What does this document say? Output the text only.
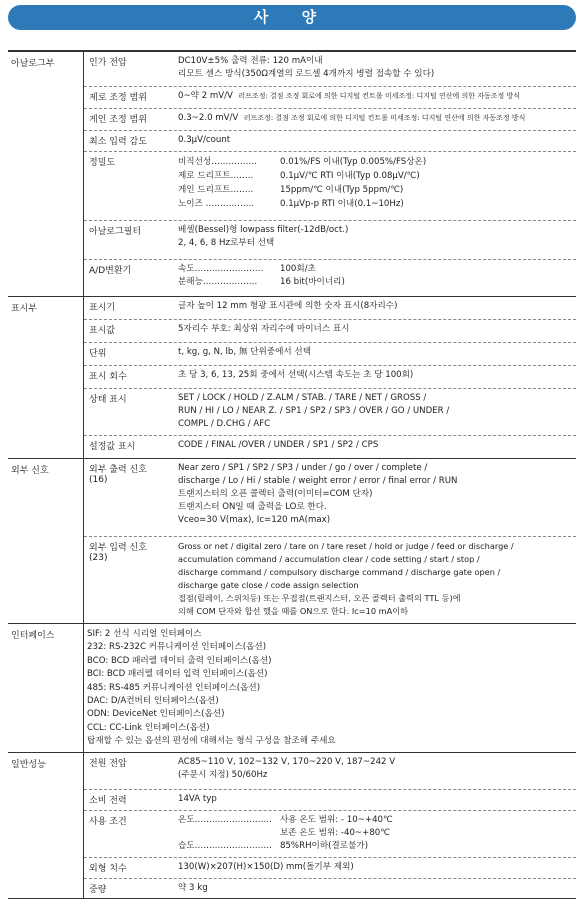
사 양
아날로그부	인가 전압	DC10V±5% 출력 전류: 120 mA이내
리모트 센스 방식(350Ω계열의 로드셀 4개까지 병렬 접속할 수 있다)
제로 조정 범위	0~약 2 mV/V 러프조정: 결점 조정 회로에 의한 디지털 컨트롤 미세조정: 디지털 연산에 의한 자동조정 방식
게인 조정 범위	0.3~2.0 mV/V 러프조정: 결점 조정 회로에 의한 디지털 컨트롤 미세조정: 디지털 연산에 의한 자동조정 방식
최소 입력 감도	0.3μV/count
정밀도	비직선성…………….	0.01%/FS 이내(Typ 0.005%/FS상온)
제로 드리프트……..	0.1μV/℃ RTI 이내(Typ 0.08μV/℃)
게인 드리프트……..	15ppm/℃ 이내(Typ 5ppm/℃)
노이즈 ……………..	0.1μVp-p RTI 이내(0.1~10Hz)
아날로그필터	베셀(Bessel)형 lowpass filter(-12dB/oct.)
2, 4, 6, 8 Hz로부터 선택
A/D변환기	속도……………………	100회/초
분해능……………….	16 bit(바이너리)
표시부	표시기	글자 높이 12 mm 형광 표시관에 의한 숫자 표시(8자리수)
표시값	5자리수 부호: 최상위 자리수에 마이너스 표시
단위	t, kg, g, N, lb, 無 단위중에서 선택
표시 회수	초 당 3, 6, 13, 25회 중에서 선택(시스템 속도는 초 당 100회)
상태 표시	SET / LOCK / HOLD / Z.ALM / STAB. / TARE / NET / GROSS /
RUN / HI / LO / NEAR Z. / SP1 / SP2 / SP3 / OVER / GO / UNDER /
COMPL / D.CHG / AFC
설정값 표시	CODE / FINAL /OVER / UNDER / SP1 / SP2 / CPS
외부 신호	외부 출력 신호
(16)
Near zero / SP1 / SP2 / SP3 / under / go / over / complete /
discharge / Lo / Hi / stable / weight error / error / final error / RUN
트랜지스터의 오픈 콜렉터 출력(이미터=COM 단자)
트랜지스터 ON일 때 출력을 LO로 한다.
Vceo=30 V(max), Ic=120 mA(max)
외부 입력 신호
(23)
Gross or net / digital zero / tare on / tare reset / hold or judge / feed or discharge /
accumulation command / accumulation clear / code setting / start / stop /
discharge command / compulsory discharge command / discharge gate open /
discharge gate close / code assign selection
접점(릴레이, 스위치등) 또는 무접점(트랜지스터, 오픈 콜렉터 출력의 TTL 등)에
의해 COM 단자와 합선 했을 때를 ON으로 한다. Ic=10 mA이하
인터페이스	SIF: 2 선식 시리얼 인터페이스
232: RS-232C 커뮤니케이션 인터페이스(옵션)
BCO: BCD 패러렐 데이터 출력 인터페이스(옵션)
BCI: BCD 패러렐 데이터 입력 인터페이스(옵션)
485: RS-485 커뮤니케이션 인터페이스(옵션)
DAC: D/A컨버터 인터페이스(옵션)
ODN: DeviceNet 인터페이스(옵션)
CCL: CC-Link 인터페이스(옵션)
탑재할 수 있는 옵션의 편성에 대해서는 형식 구성을 참조해 주세요
일반성능	전원 전압	AC85~110 V, 102~132 V, 170~220 V, 187~242 V
(주문시 지정) 50/60Hz
소비 전력	14VA typ
사용 조건	온도……………………… 사용 온도 범위: - 10~+40℃
보존 온도 범위: -40~+80℃
습도……………………… 85%RH이하(결로불가)
외형 치수	130(W)×207(H)×150(D) mm(돌기부 제외)
중량	약 3 kg
